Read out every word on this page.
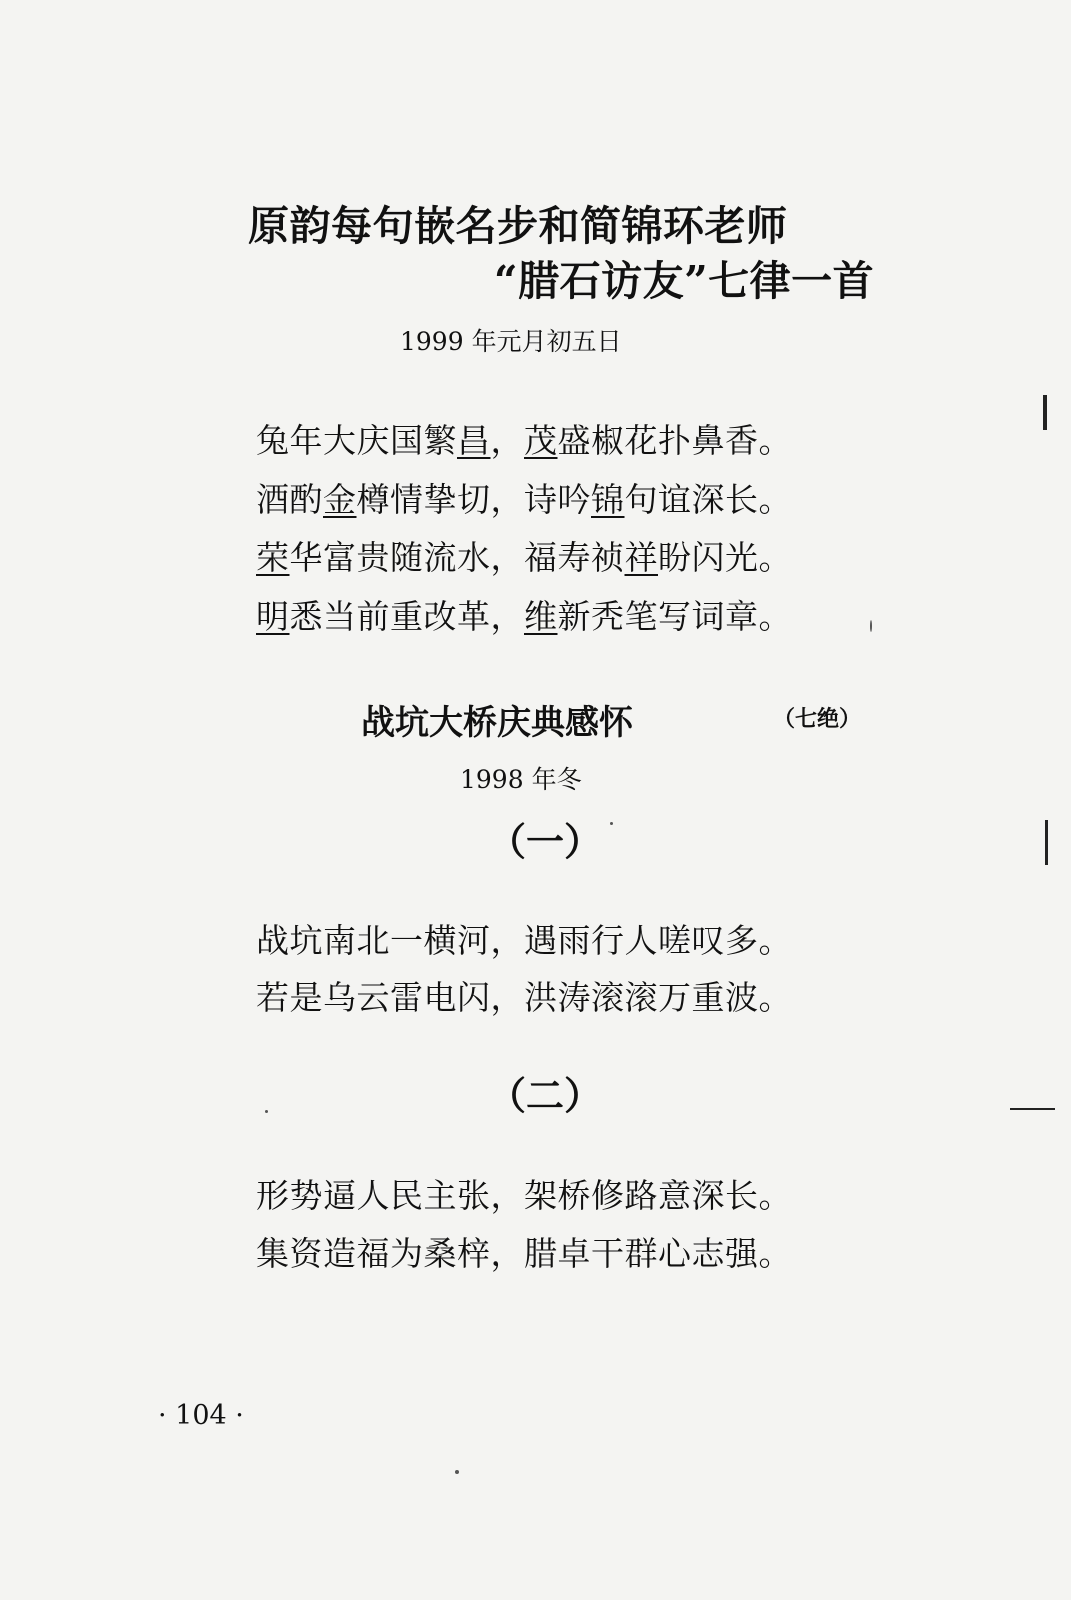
原韵每句嵌名步和简锦环老师
“腊石访友”七律一首
1999 年元月初五日
兔年大庆国繁昌，茂盛椒花扑鼻香。
酒酌金樽情挚切，诗吟锦句谊深长。
荣华富贵随流水，福寿祯祥盼闪光。
明悉当前重改革，维新秃笔写词章。
战坑大桥庆典感怀	（七绝）
1998 年冬
（一）
战坑南北一横河，遇雨行人嗟叹多。
若是乌云雷电闪，洪涛滚滚万重波。
（二）
形势逼人民主张，架桥修路意深长。
集资造福为桑梓，腊卓干群心志强。
· 104 ·
